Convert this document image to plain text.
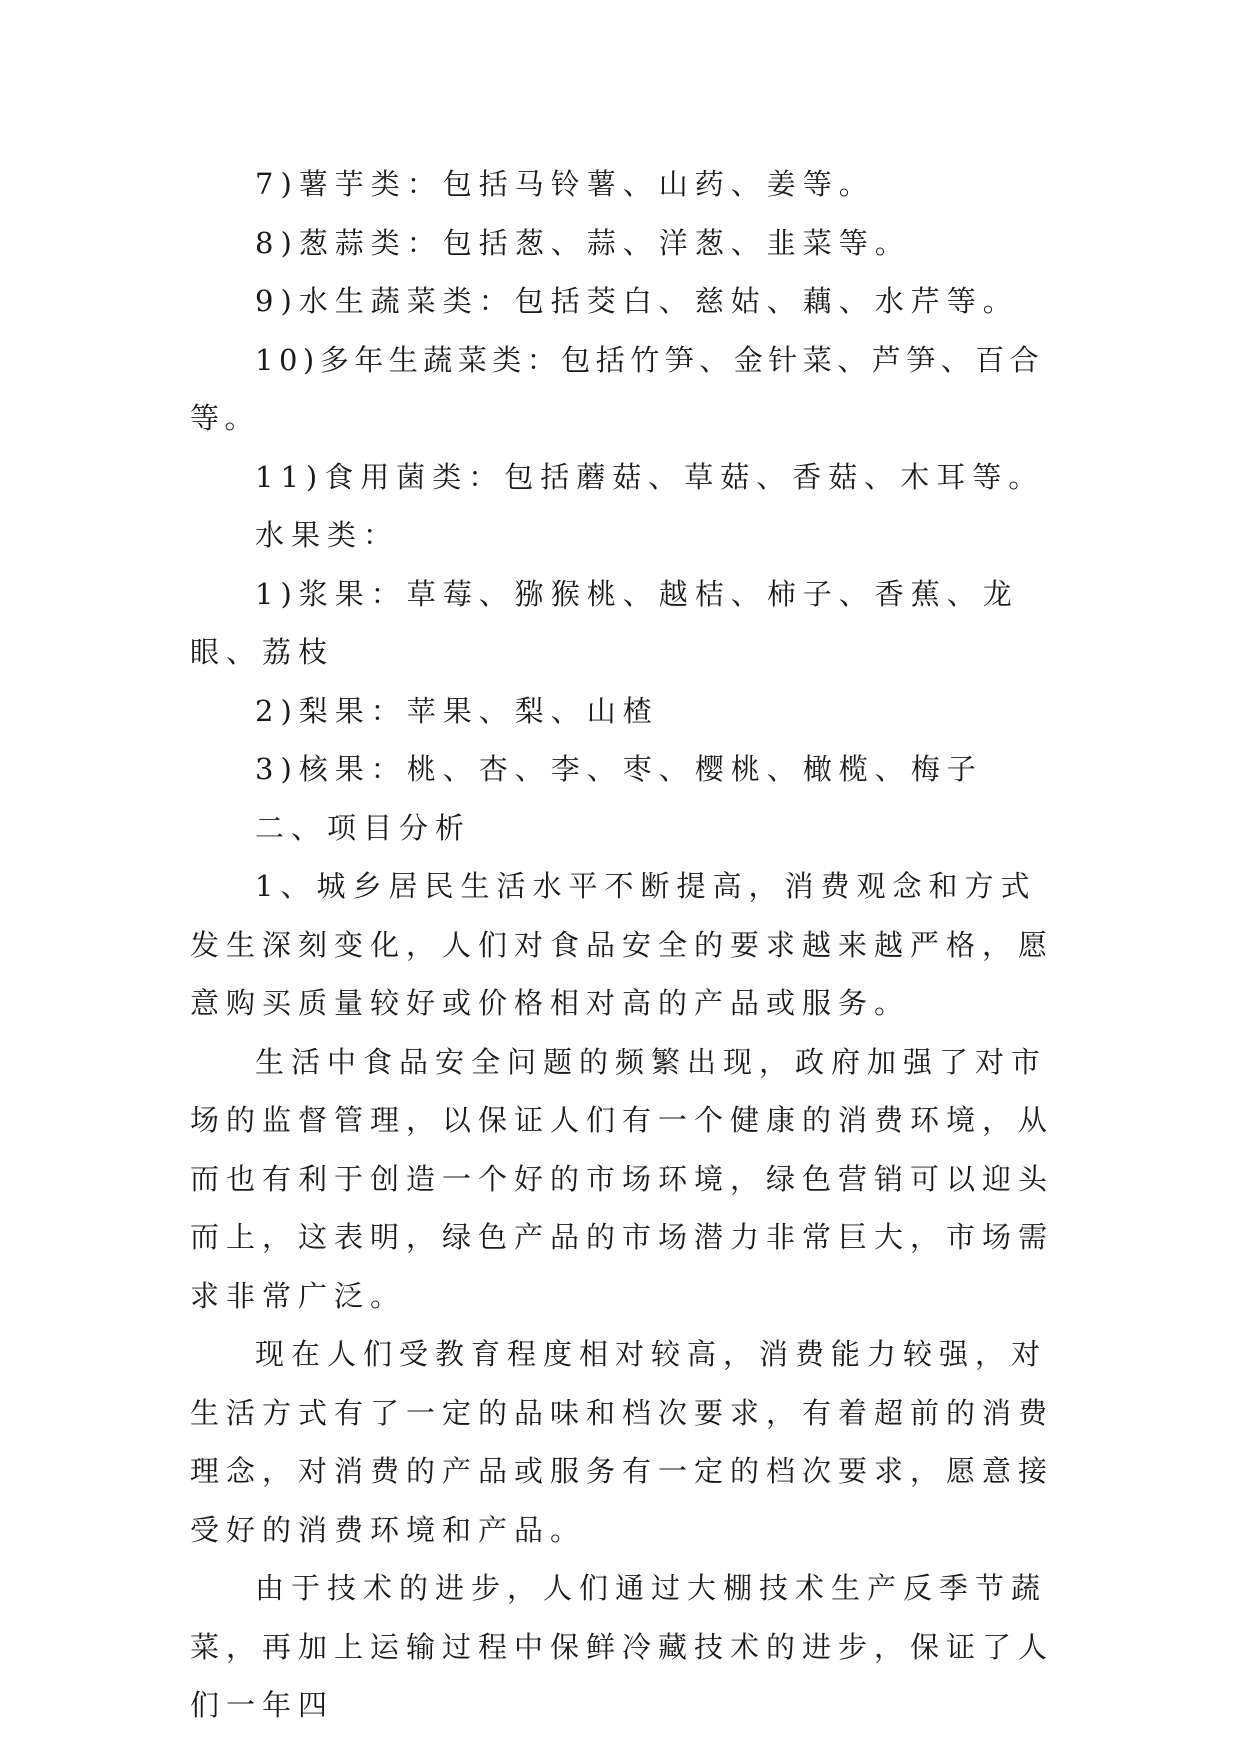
7)薯芋类：包括马铃薯、山药、姜等。

8)葱蒜类：包括葱、蒜、洋葱、韭菜等。

9)水生蔬菜类：包括茭白、慈姑、藕、水芹等。

10)多年生蔬菜类：包括竹笋、金针菜、芦笋、百合等。

11)食用菌类：包括蘑菇、草菇、香菇、木耳等。

水果类：

1)浆果：草莓、猕猴桃、越桔、柿子、香蕉、龙眼、荔枝

2)梨果：苹果、梨、山楂

3)核果：桃、杏、李、枣、樱桃、橄榄、梅子

二、项目分析

1、城乡居民生活水平不断提高，消费观念和方式发生深刻变化，人们对食品安全的要求越来越严格，愿意购买质量较好或价格相对高的产品或服务。

生活中食品安全问题的频繁出现，政府加强了对市场的监督管理，以保证人们有一个健康的消费环境，从而也有利于创造一个好的市场环境，绿色营销可以迎头而上，这表明，绿色产品的市场潜力非常巨大，市场需求非常广泛。

现在人们受教育程度相对较高，消费能力较强，对生活方式有了一定的品味和档次要求，有着超前的消费理念，对消费的产品或服务有一定的档次要求，愿意接受好的消费环境和产品。

由于技术的进步，人们通过大棚技术生产反季节蔬菜，再加上运输过程中保鲜冷藏技术的进步，保证了人们一年四
